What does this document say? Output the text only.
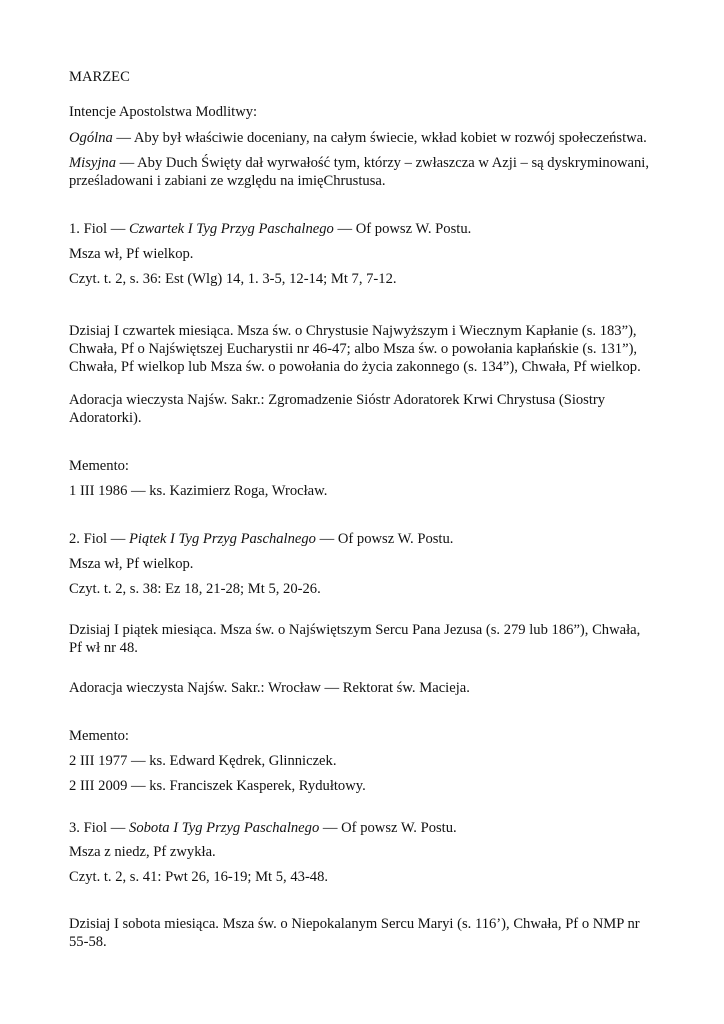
MARZEC
Intencje Apostolstwa Modlitwy:
Ogólna — Aby był właściwie doceniany, na całym świecie, wkład kobiet w rozwój społeczeństwa.
Misyjna — Aby Duch Święty dał wyrwałość tym, którzy – zwłaszcza w Azji – są dyskryminowani,
prześladowani i zabiani ze względu na imięChrustusa.
1. Fiol — Czwartek I Tyg Przyg Paschalnego — Of powsz W. Postu.
Msza wł, Pf wielkop.
Czyt. t. 2, s. 36: Est (Wlg) 14, 1. 3-5, 12-14; Mt 7, 7-12.
Dzisiaj I czwartek miesiąca. Msza św. o Chrystusie Najwyższym i Wiecznym Kapłanie (s. 183”),
Chwała, Pf o Najświętszej Eucharystii nr 46-47; albo Msza św. o powołania kapłańskie (s. 131”),
Chwała, Pf wielkop lub Msza św. o powołania do życia zakonnego (s. 134”), Chwała, Pf wielkop.
Adoracja wieczysta Najśw. Sakr.: Zgromadzenie Sióstr Adoratorek Krwi Chrystusa (Siostry
Adoratorki).
Memento:
1 III 1986 — ks. Kazimierz Roga, Wrocław.
2. Fiol — Piątek I Tyg Przyg Paschalnego — Of powsz W. Postu.
Msza wł, Pf wielkop.
Czyt. t. 2, s. 38: Ez 18, 21-28; Mt 5, 20-26.
Dzisiaj I piątek miesiąca. Msza św. o Najświętszym Sercu Pana Jezusa (s. 279 lub 186”), Chwała,
Pf wł nr 48.
Adoracja wieczysta Najśw. Sakr.: Wrocław — Rektorat św. Macieja.
Memento:
2 III 1977 — ks. Edward Kędrek, Glinniczek.
2 III 2009 — ks. Franciszek Kasperek, Rydułtowy.
3. Fiol — Sobota I Tyg Przyg Paschalnego — Of powsz W. Postu.
Msza z niedz, Pf zwykła.
Czyt. t. 2, s. 41: Pwt 26, 16-19; Mt 5, 43-48.
Dzisiaj I sobota miesiąca. Msza św. o Niepokalanym Sercu Maryi (s. 116’), Chwała, Pf o NMP nr
55-58.
